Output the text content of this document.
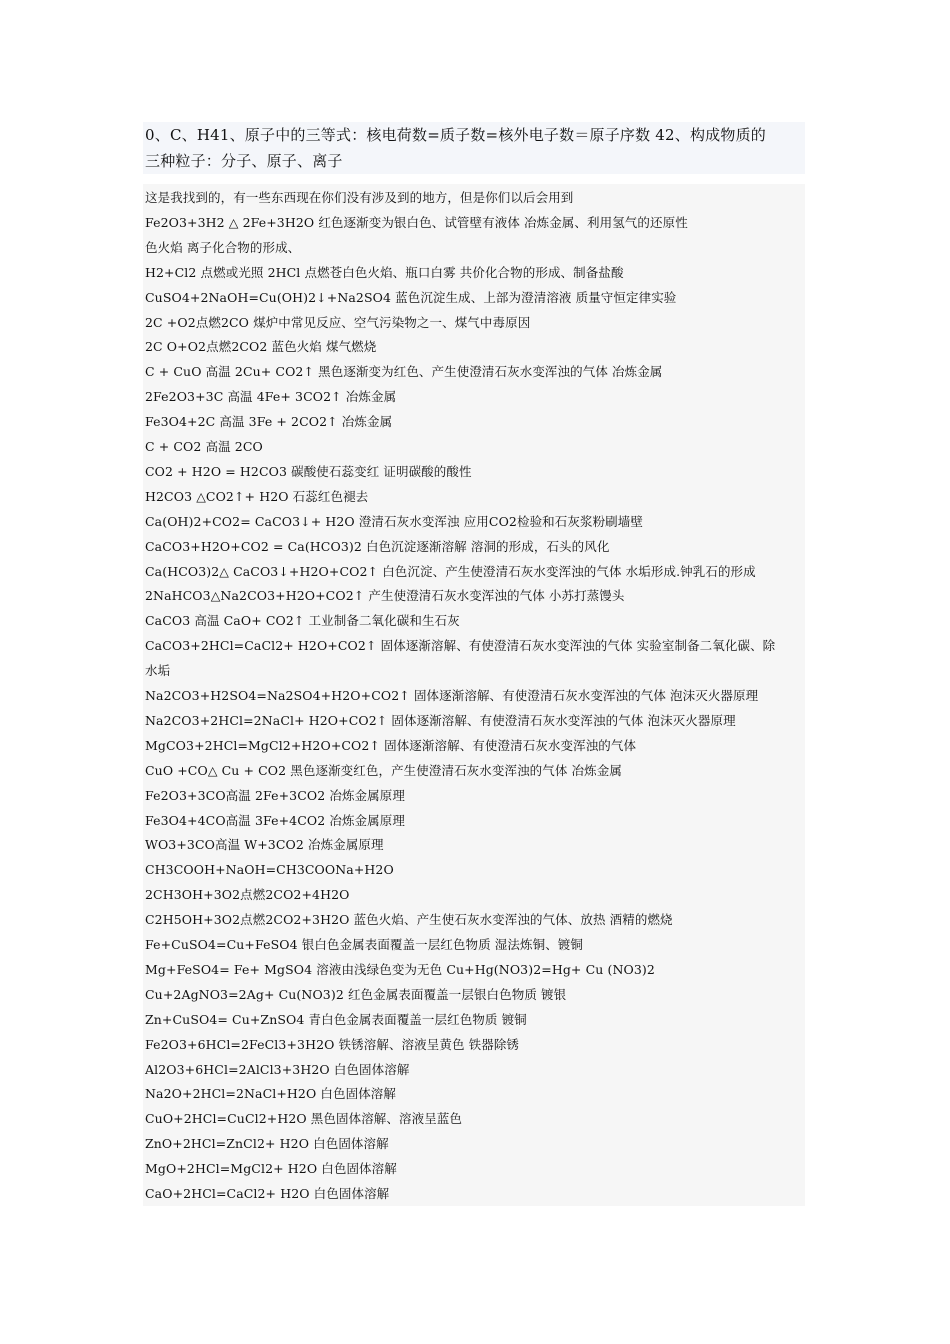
0、C、H41、原子中的三等式：核电荷数=质子数=核外电子数＝原子序数 42、构成物质的
三种粒子：分子、原子、离子
这是我找到的，有一些东西现在你们没有涉及到的地方，但是你们以后会用到
Fe2O3+3H2 △ 2Fe+3H2O 红色逐渐变为银白色、试管壁有液体 冶炼金属、利用氢气的还原性
色火焰 离子化合物的形成、
H2+Cl2 点燃或光照 2HCl 点燃苍白色火焰、瓶口白雾 共价化合物的形成、制备盐酸
CuSO4+2NaOH=Cu(OH)2↓+Na2SO4 蓝色沉淀生成、上部为澄清溶液 质量守恒定律实验
2C +O2点燃2CO 煤炉中常见反应、空气污染物之一、煤气中毒原因
2C O+O2点燃2CO2 蓝色火焰 煤气燃烧
C + CuO 高温 2Cu+ CO2↑ 黑色逐渐变为红色、产生使澄清石灰水变浑浊的气体 冶炼金属
2Fe2O3+3C 高温 4Fe+ 3CO2↑ 冶炼金属
Fe3O4+2C 高温 3Fe + 2CO2↑ 冶炼金属
C + CO2 高温 2CO
CO2 + H2O = H2CO3 碳酸使石蕊变红 证明碳酸的酸性
H2CO3 △CO2↑+ H2O 石蕊红色褪去
Ca(OH)2+CO2= CaCO3↓+ H2O 澄清石灰水变浑浊 应用CO2检验和石灰浆粉刷墙壁
CaCO3+H2O+CO2 = Ca(HCO3)2 白色沉淀逐渐溶解 溶洞的形成，石头的风化
Ca(HCO3)2△ CaCO3↓+H2O+CO2↑ 白色沉淀、产生使澄清石灰水变浑浊的气体 水垢形成.钟乳石的形成
2NaHCO3△Na2CO3+H2O+CO2↑ 产生使澄清石灰水变浑浊的气体 小苏打蒸馒头
CaCO3 高温 CaO+ CO2↑ 工业制备二氧化碳和生石灰
CaCO3+2HCl=CaCl2+ H2O+CO2↑ 固体逐渐溶解、有使澄清石灰水变浑浊的气体 实验室制备二氧化碳、除
水垢
Na2CO3+H2SO4=Na2SO4+H2O+CO2↑ 固体逐渐溶解、有使澄清石灰水变浑浊的气体 泡沫灭火器原理
Na2CO3+2HCl=2NaCl+ H2O+CO2↑ 固体逐渐溶解、有使澄清石灰水变浑浊的气体 泡沫灭火器原理
MgCO3+2HCl=MgCl2+H2O+CO2↑ 固体逐渐溶解、有使澄清石灰水变浑浊的气体
CuO +CO△ Cu + CO2 黑色逐渐变红色，产生使澄清石灰水变浑浊的气体 冶炼金属
Fe2O3+3CO高温 2Fe+3CO2 冶炼金属原理
Fe3O4+4CO高温 3Fe+4CO2 冶炼金属原理
WO3+3CO高温 W+3CO2 冶炼金属原理
CH3COOH+NaOH=CH3COONa+H2O
2CH3OH+3O2点燃2CO2+4H2O
C2H5OH+3O2点燃2CO2+3H2O 蓝色火焰、产生使石灰水变浑浊的气体、放热 酒精的燃烧
Fe+CuSO4=Cu+FeSO4 银白色金属表面覆盖一层红色物质 湿法炼铜、镀铜
Mg+FeSO4= Fe+ MgSO4 溶液由浅绿色变为无色 Cu+Hg(NO3)2=Hg+ Cu (NO3)2
Cu+2AgNO3=2Ag+ Cu(NO3)2 红色金属表面覆盖一层银白色物质 镀银
Zn+CuSO4= Cu+ZnSO4 青白色金属表面覆盖一层红色物质 镀铜
Fe2O3+6HCl=2FeCl3+3H2O 铁锈溶解、溶液呈黄色 铁器除锈
Al2O3+6HCl=2AlCl3+3H2O 白色固体溶解
Na2O+2HCl=2NaCl+H2O 白色固体溶解
CuO+2HCl=CuCl2+H2O 黑色固体溶解、溶液呈蓝色
ZnO+2HCl=ZnCl2+ H2O 白色固体溶解
MgO+2HCl=MgCl2+ H2O 白色固体溶解
CaO+2HCl=CaCl2+ H2O 白色固体溶解
